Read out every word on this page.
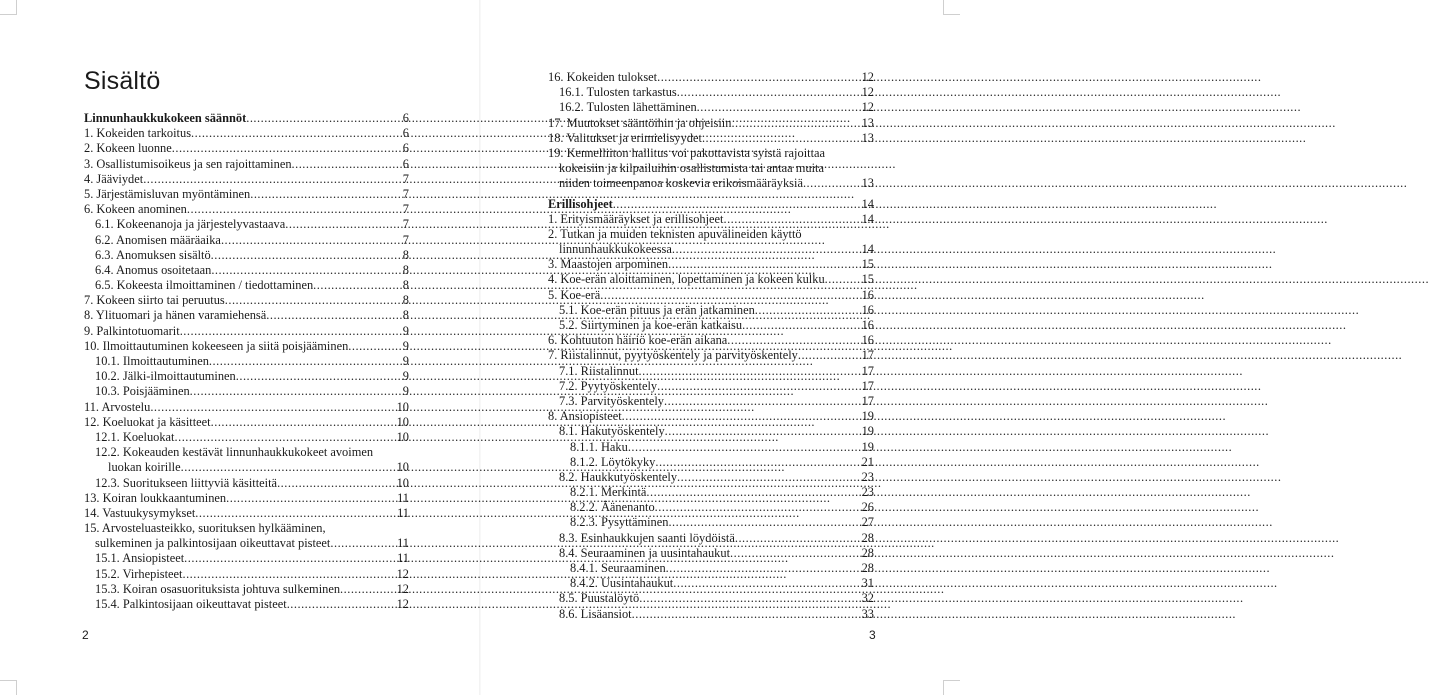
Sisältö
Linnunhaukkukokeen säännöt .....	6
1. Kokeiden tarkoitus .....	6
2. Kokeen luonne .....	6
3. Osallistumisoikeus ja sen rajoittaminen .....	6
4. Jääviydet .....	7
5. Järjestämisluvan myöntäminen .....	7
6. Kokeen anominen .....	7
6.1. Kokeenanoja ja järjestelyvastaava .....	7
6.2. Anomisen määräaika .....	7
6.3. Anomuksen sisältö .....	8
6.4. Anomus osoitetaan .....	8
6.5. Kokeesta ilmoittaminen / tiedottaminen .....	8
7. Kokeen siirto tai peruutus .....	8
8. Ylituomari ja hänen varamiehensä .....	8
9. Palkintotuomarit .....	9
10. Ilmoittautuminen kokeeseen ja siitä poisjääminen .....	9
10.1. Ilmoittautuminen .....	9
10.2. Jälki-ilmoittautuminen .....	9
10.3. Poisjääminen .....	9
11. Arvostelu .....	10
12. Koeluokat ja käsitteet .....	10
12.1. Koeluokat .....	10
12.2. Kokeauden kestävät linnunhaukkukokeet avoimen
luokan koirille .....	10
12.3. Suoritukseen liittyviä käsitteitä .....	10
13. Koiran loukkaantuminen .....	11
14. Vastuukysymykset .....	11
15. Arvosteluasteikko, suorituksen hylkääminen,
sulkeminen ja palkintosijaan oikeuttavat pisteet .....	11
15.1. Ansiopisteet .....	11
15.2. Virhepisteet .....	12
15.3. Koiran osasuorituksista johtuva sulkeminen .....	12
15.4. Palkintosijaan oikeuttavat pisteet .....	12
16. Kokeiden tulokset .....	12
16.1. Tulosten tarkastus .....	12
16.2. Tulosten lähettäminen .....	12
17. Muutokset sääntöihin ja ohjeisiin .....	13
18. Valitukset ja erimielisyydet .....	13
19. Kennelliiton hallitus voi pakottavista syistä rajoittaa
kokeisiin ja kilpailuihin osallistumista tai antaa muita
niiden toimeenpanoa koskevia erikoismääräyksiä .....	13
Erillisohjeet .....	14
1. Erityismääräykset ja erillisohjeet .....	14
2. Tutkan ja muiden teknisten apuvälineiden käyttö
linnunhaukkukokeessa .....	14
3. Maastojen arpominen .....	15
4. Koe-erän aloittaminen, lopettaminen ja kokeen kulku .....	15
5. Koe-erä .....	16
5.1. Koe-erän pituus ja erän jatkaminen .....	16
5.2. Siirtyminen ja koe-erän katkaisu .....	16
6. Kohtuuton häiriö koe-erän aikana .....	16
7. Riistalinnut, pyytyöskentely ja parvityöskentely .....	17
7.1. Riistalinnut .....	17
7.2. Pyytyöskentely .....	17
7.3. Parvityöskentely .....	17
8. Ansiopisteet .....	19
8.1. Hakutyöskentely .....	19
8.1.1. Haku .....	19
8.1.2. Löytökyky .....	21
8.2. Haukkutyöskentely .....	23
8.2.1. Merkintä .....	23
8.2.2. Äänenanto .....	26
8.2.3. Pysyttäminen .....	27
8.3. Esinhaukkujen saanti löydöistä .....	28
8.4. Seuraaminen ja uusintahaukut .....	28
8.4.1. Seuraaminen .....	28
8.4.2. Uusintahaukut .....	31
8.5. Puustalöytö .....	32
8.6. Lisäansiot .....	33
2	3
